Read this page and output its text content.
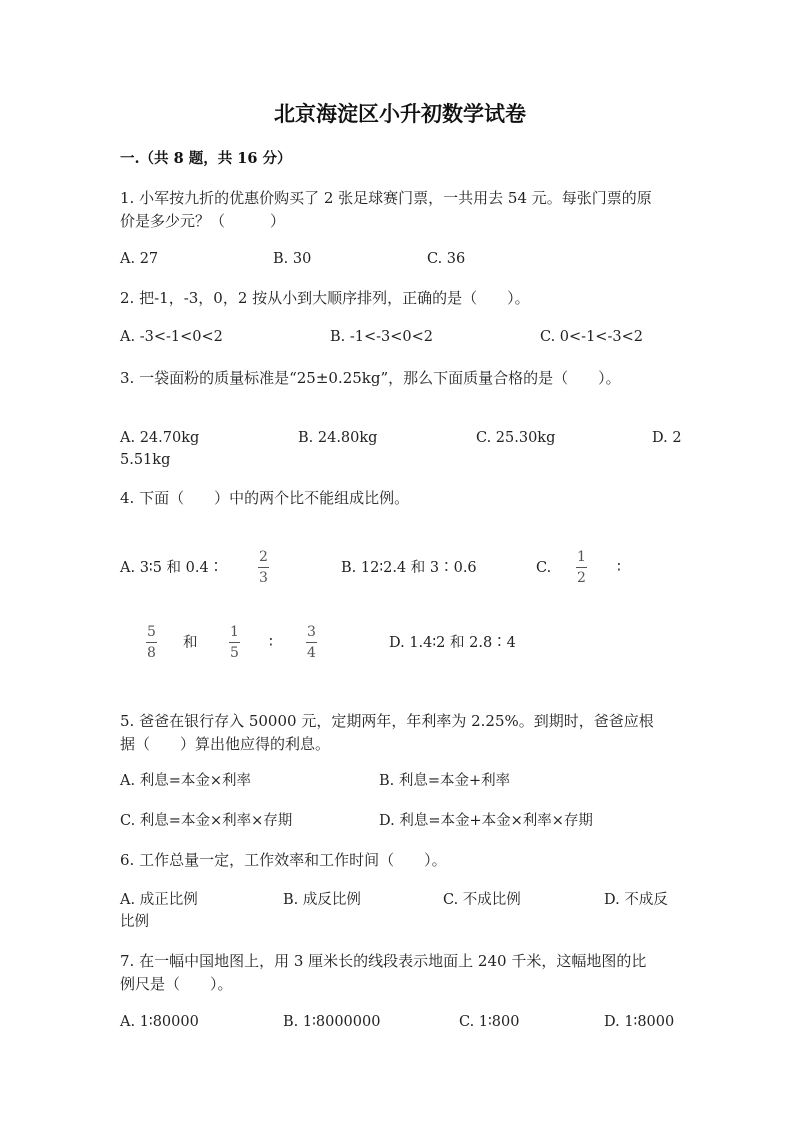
北京海淀区小升初数学试卷
一.（共 8 题，共 16 分）
1. 小军按九折的优惠价购买了 2 张足球赛门票，一共用去 54 元。每张门票的原
价是多少元？（　　　）
A. 27	B. 30	C. 36
2. 把-1，-3，0，2 按从小到大顺序排列，正确的是（　　）。
A. -3<-1<0<2	B. -1<-3<0<2	C. 0<-1<-3<2
3. 一袋面粉的质量标准是“25±0.25kg”，那么下面质量合格的是（　　）。
A. 24.70kg	B. 24.80kg	C. 25.30kg	D. 2
5.51kg
4. 下面（　　）中的两个比不能组成比例。
A. 3∶5 和 0.4∶
2
3
B. 12∶2.4 和 3∶0.6	C.
1
2
∶
5
8
和
1
5
∶
3
4
D. 1.4∶2 和 2.8∶4
5. 爸爸在银行存入 50000 元，定期两年，年利率为 2.25%。到期时，爸爸应根
据（　　）算出他应得的利息。
A. 利息=本金×利率	B. 利息=本金+利率
C. 利息=本金×利率×存期	D. 利息=本金+本金×利率×存期
6. 工作总量一定，工作效率和工作时间（　　）。
A. 成正比例	B. 成反比例	C. 不成比例	D. 不成反
比例
7. 在一幅中国地图上，用 3 厘米长的线段表示地面上 240 千米，这幅地图的比
例尺是（　　）。
A. 1∶80000	B. 1∶8000000	C. 1∶800	D. 1∶8000
